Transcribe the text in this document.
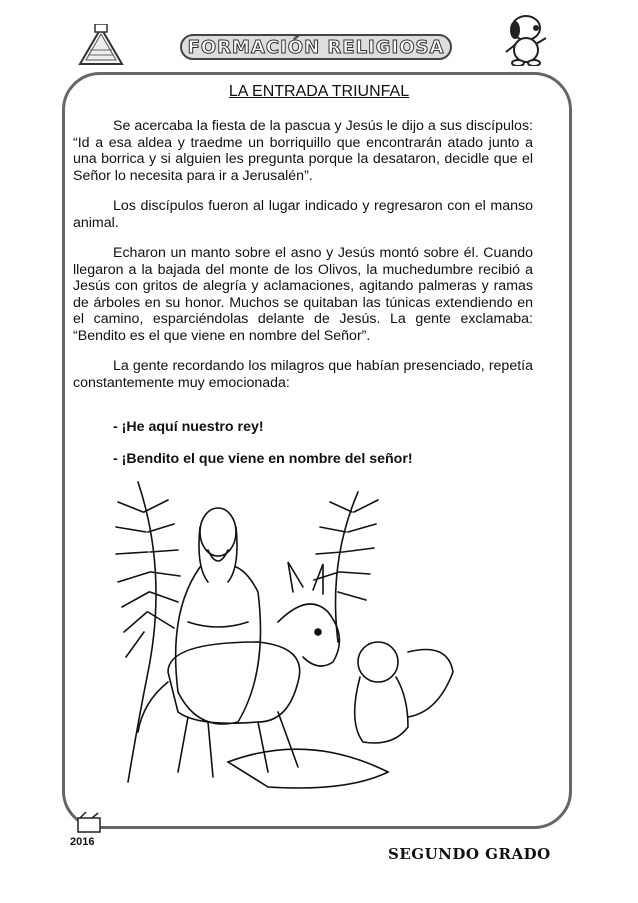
FORMACIÓN RELIGIOSA
LA ENTRADA TRIUNFAL

Se acercaba la fiesta de la pascua y Jesús le dijo a sus discípulos: “Id a esa aldea y traedme un borriquillo que encontrarán atado junto a una borrica y si alguien les pregunta porque la desataron, decidle que el Señor lo necesita para ir a Jerusalén”.

Los discípulos fueron al lugar indicado y regresaron con el manso animal.

Echaron un manto sobre el asno y Jesús montó sobre él. Cuando llegaron a la bajada del monte de los Olivos, la muchedumbre recibió a Jesús con gritos de alegría y aclamaciones, agitando palmeras y ramas de árboles en su honor. Muchos se quitaban las túnicas extendiendo en el camino, esparciéndolas delante de Jesús. La gente exclamaba: “Bendito es el que viene en nombre del Señor”.

La gente recordando los milagros que habían presenciado, repetía constantemente muy emocionada:

- ¡He aquí nuestro rey!
- ¡Bendito el que viene en nombre del señor!
2016
SEGUNDO GRADO
